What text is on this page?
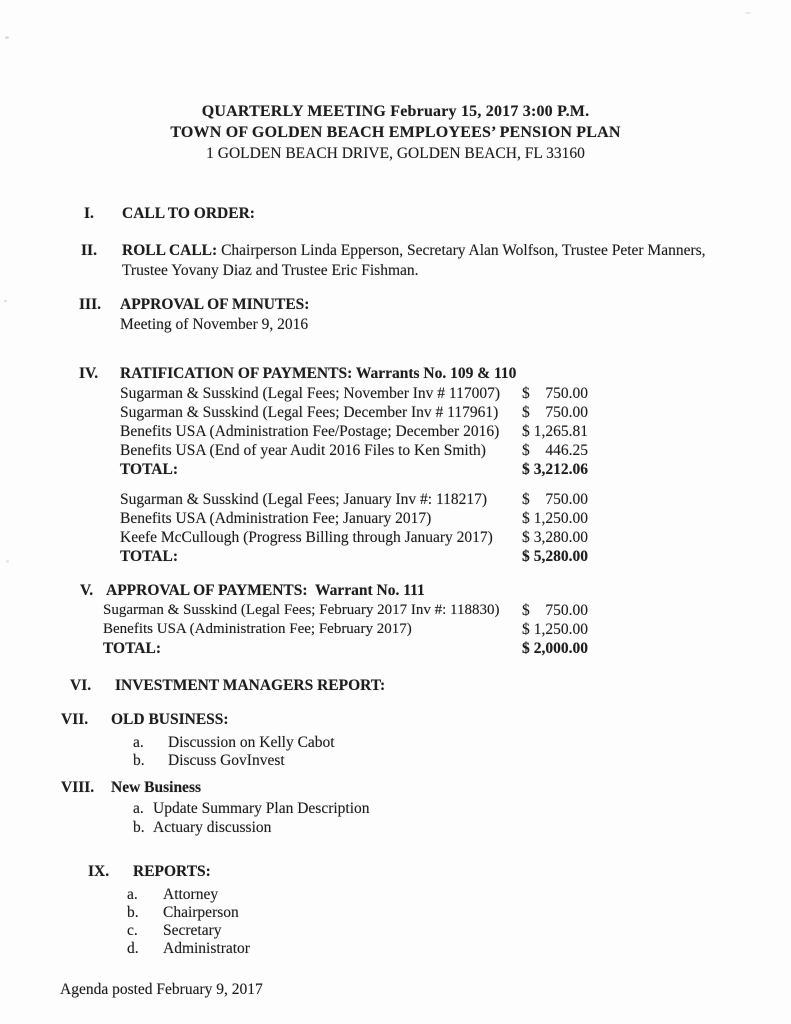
QUARTERLY MEETING February 15, 2017 3:00 P.M.
TOWN OF GOLDEN BEACH EMPLOYEES’ PENSION PLAN
1 GOLDEN BEACH DRIVE, GOLDEN BEACH, FL 33160
I.	CALL TO ORDER:
II.	ROLL CALL: Chairperson Linda Epperson, Secretary Alan Wolfson, Trustee Peter Manners, Trustee Yovany Diaz and Trustee Eric Fishman.
III.	APPROVAL OF MINUTES:
Meeting of November 9, 2016
IV.	RATIFICATION OF PAYMENTS: Warrants No. 109 & 110
Sugarman & Susskind (Legal Fees; November Inv # 117007)	$ 750.00
Sugarman & Susskind (Legal Fees; December Inv # 117961)	$ 750.00
Benefits USA (Administration Fee/Postage; December 2016)	$ 1,265.81
Benefits USA (End of year Audit 2016 Files to Ken Smith)	$ 446.25
TOTAL:	$ 3,212.06
Sugarman & Susskind (Legal Fees; January Inv #: 118217)	$ 750.00
Benefits USA (Administration Fee; January 2017)	$ 1,250.00
Keefe McCullough (Progress Billing through January 2017)	$ 3,280.00
TOTAL:	$ 5,280.00
V. APPROVAL OF PAYMENTS:  Warrant No. 111
Sugarman & Susskind (Legal Fees; February 2017 Inv #: 118830)	$ 750.00
Benefits USA (Administration Fee; February 2017)	$ 1,250.00
TOTAL:	$ 2,000.00
VI.	INVESTMENT MANAGERS REPORT:
VII.	OLD BUSINESS:
a.	Discussion on Kelly Cabot
b.	Discuss GovInvest
VIII.	New Business
a. Update Summary Plan Description
b. Actuary discussion
IX.	REPORTS:
a.	Attorney
b.	Chairperson
c.	Secretary
d.	Administrator
Agenda posted February 9, 2017
